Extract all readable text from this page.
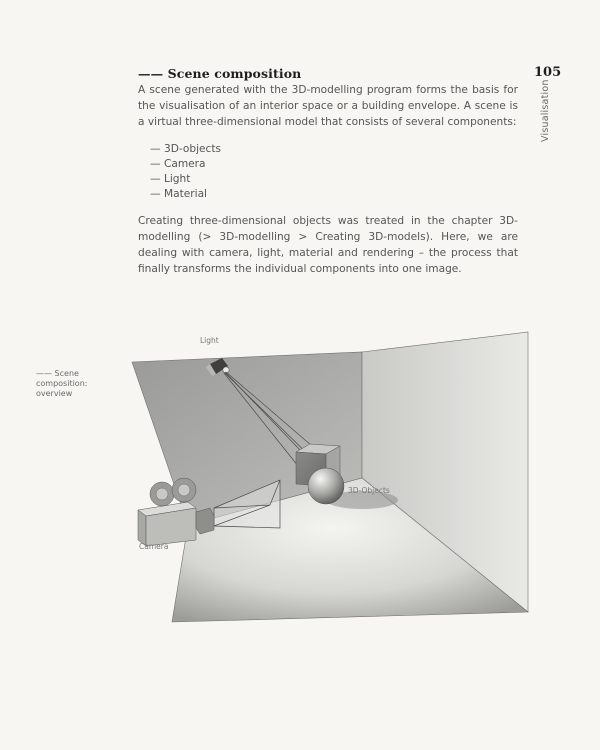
—— Scene composition	105
Visualisation

A scene generated with the 3D-modelling program forms the basis for the visualisation of an interior space or a building envelope. A scene is a virtual three-dimensional model that consists of several components:

— 3D-objects
— Camera
— Light
— Material

Creating three-dimensional objects was treated in the chapter 3D-modelling (> 3D-modelling > Creating 3D-models). Here, we are dealing with camera, light, material and rendering – the process that finally transforms the individual components into one image.

—— Scene composition: overview
Light
3D-Objects
Camera
